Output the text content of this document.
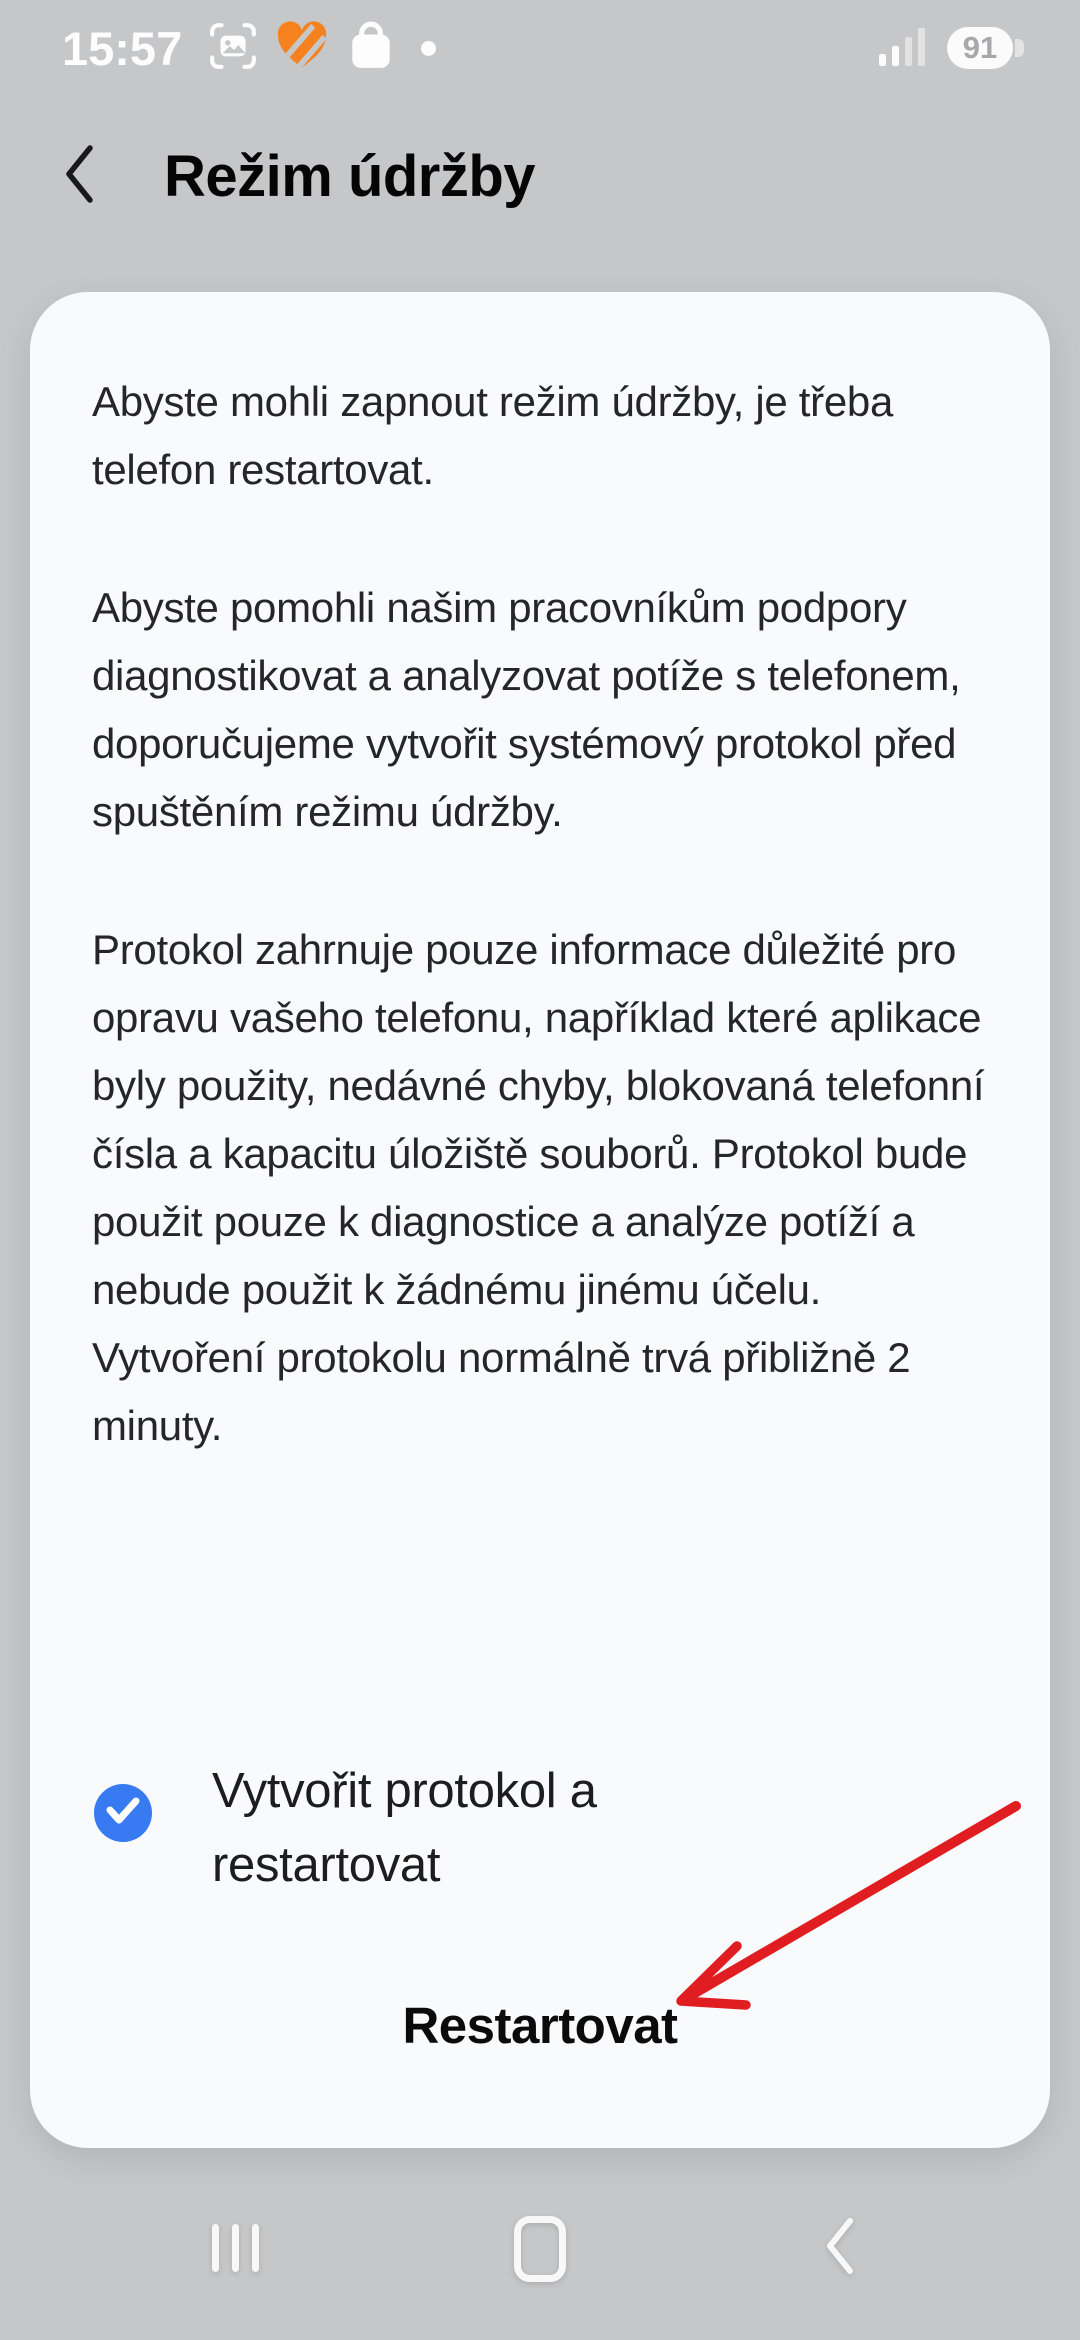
15:57	91
Režim údržby

Abyste mohli zapnout režim údržby, je třeba telefon restartovat.

Abyste pomohli našim pracovníkům podpory diagnostikovat a analyzovat potíže s telefonem, doporučujeme vytvořit systémový protokol před spuštěním režimu údržby.

Protokol zahrnuje pouze informace důležité pro opravu vašeho telefonu, například které aplikace byly použity, nedávné chyby, blokovaná telefonní čísla a kapacitu úložiště souborů. Protokol bude použit pouze k diagnostice a analýze potíží a nebude použit k žádnému jinému účelu. Vytvoření protokolu normálně trvá přibližně 2 minuty.

Vytvořit protokol a restartovat
Restartovat
